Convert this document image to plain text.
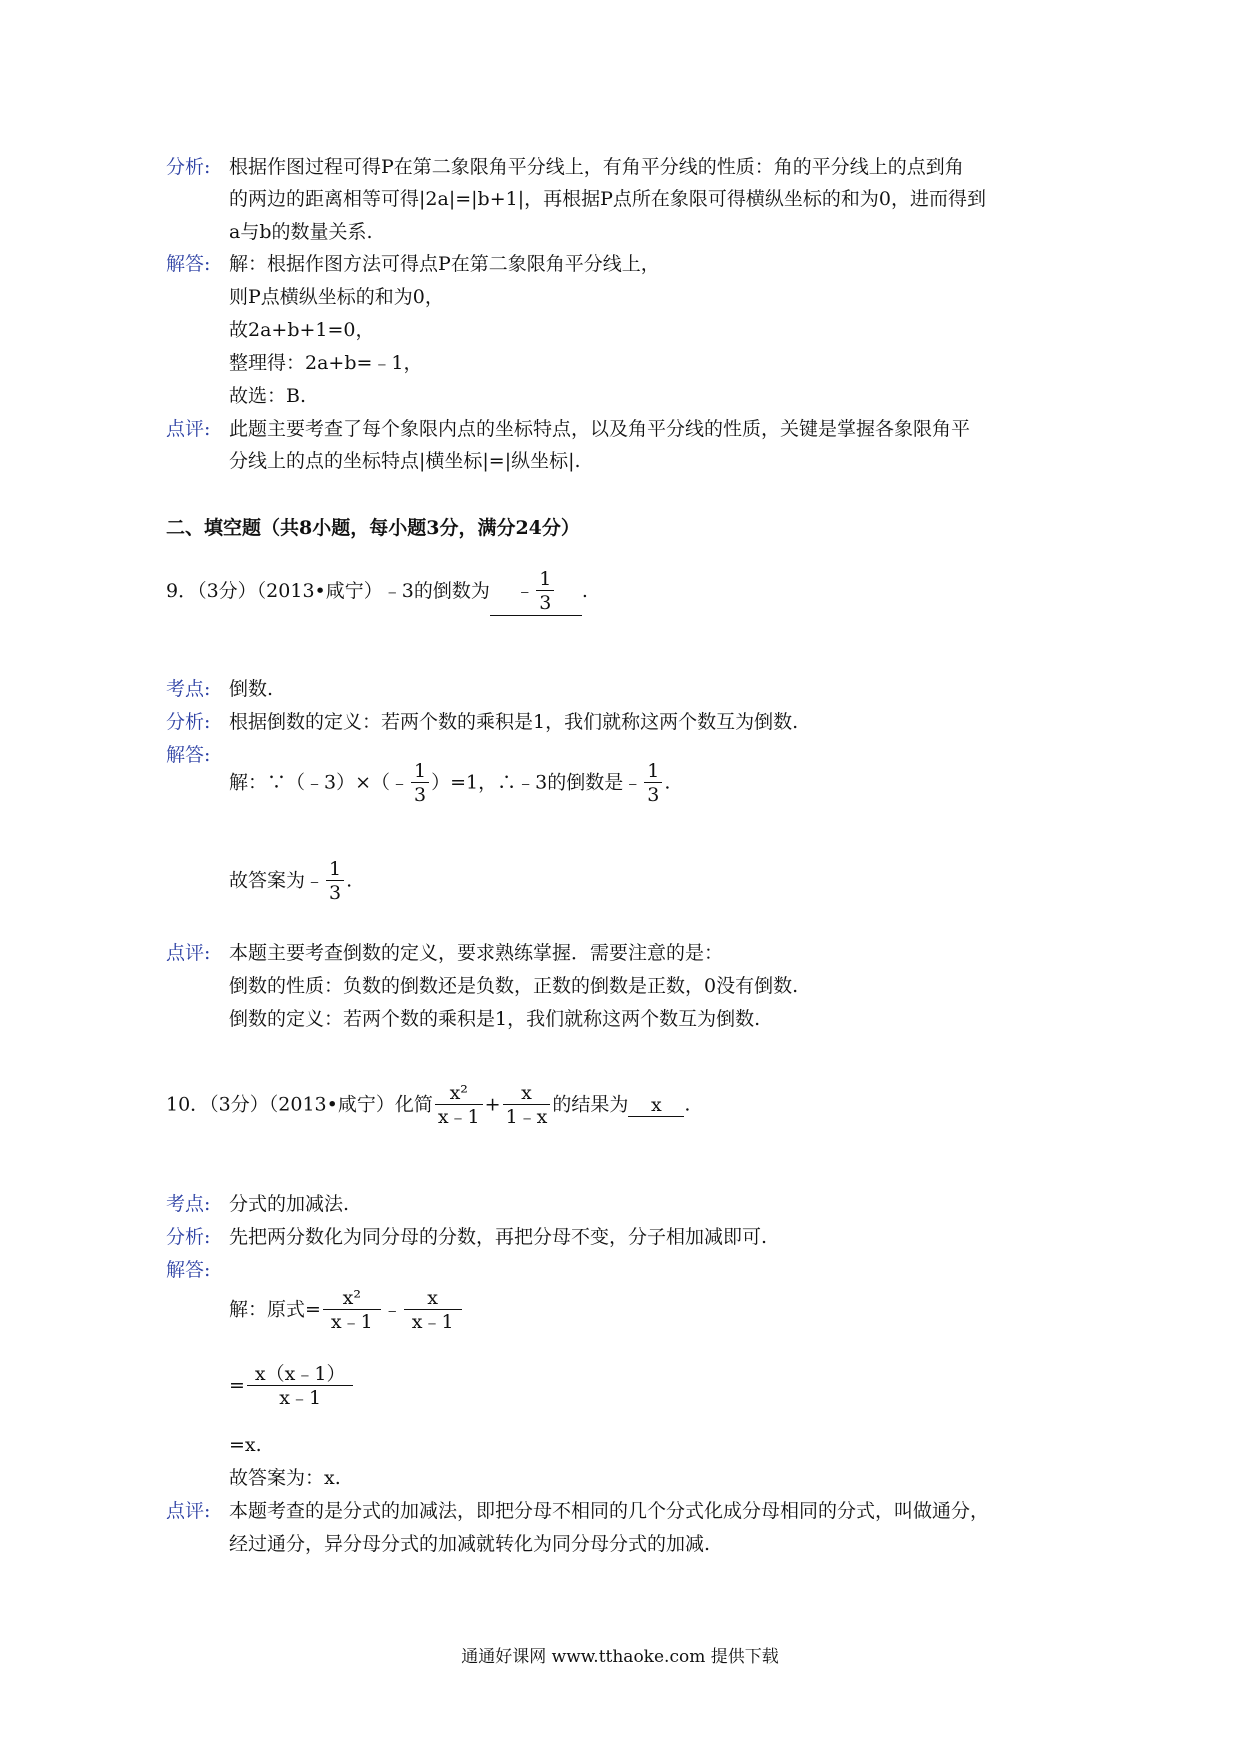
分析: 根据作图过程可得P在第二象限角平分线上，有角平分线的性质：角的平分线上的点到角
的两边的距离相等可得|2a|=|b+1|，再根据P点所在象限可得横纵坐标的和为0，进而得到
a与b的数量关系.
解答: 解：根据作图方法可得点P在第二象限角平分线上，
则P点横纵坐标的和为0，
故2a+b+1=0，
整理得：2a+b=﹣1，
故选：B.
点评: 此题主要考查了每个象限内点的坐标特点，以及角平分线的性质，关键是掌握各象限角平
分线上的点的坐标特点|横坐标|=|纵坐标|.
二、填空题（共8小题，每小题3分，满分24分）
9．（3分）（2013•咸宁）﹣3的倒数为 ﹣ $\frac{1}{3}$ .
考点: 倒数.
分析: 根据倒数的定义：若两个数的乘积是1，我们就称这两个数互为倒数.
解答:
解：∵（﹣3）×（﹣ $\frac{1}{3} )=1$，∴﹣3的倒数是﹣ $\frac{1}{3}$ .
故答案为﹣ $\frac{1}{3}$ .
点评: 本题主要考查倒数的定义，要求熟练掌握．需要注意的是：
倒数的性质：负数的倒数还是负数，正数的倒数是正数，0没有倒数.
倒数的定义：若两个数的乘积是1，我们就称这两个数互为倒数.
10．（3分）（2013•咸宁）化简 $\frac{\text{x²}}{x﹣1} + \frac{x}{1﹣x}$ 的结果为 x .
考点: 分式的加减法.
分析: 先把两分数化为同分母的分数，再把分母不变，分子相加减即可.
解答:
解：原式= $\frac{\text{x²}}{x﹣1}$ ﹣ $\frac{x}{x﹣1}$
= $\frac{x(x﹣1)}{x﹣1}$
=x.
故答案为：x.
点评: 本题考查的是分式的加减法，即把分母不相同的几个分式化成分母相同的分式，叫做通分，
经过通分，异分母分式的加减就转化为同分母分式的加减.
通通好课网 www.tthaoke.com 提供下载
